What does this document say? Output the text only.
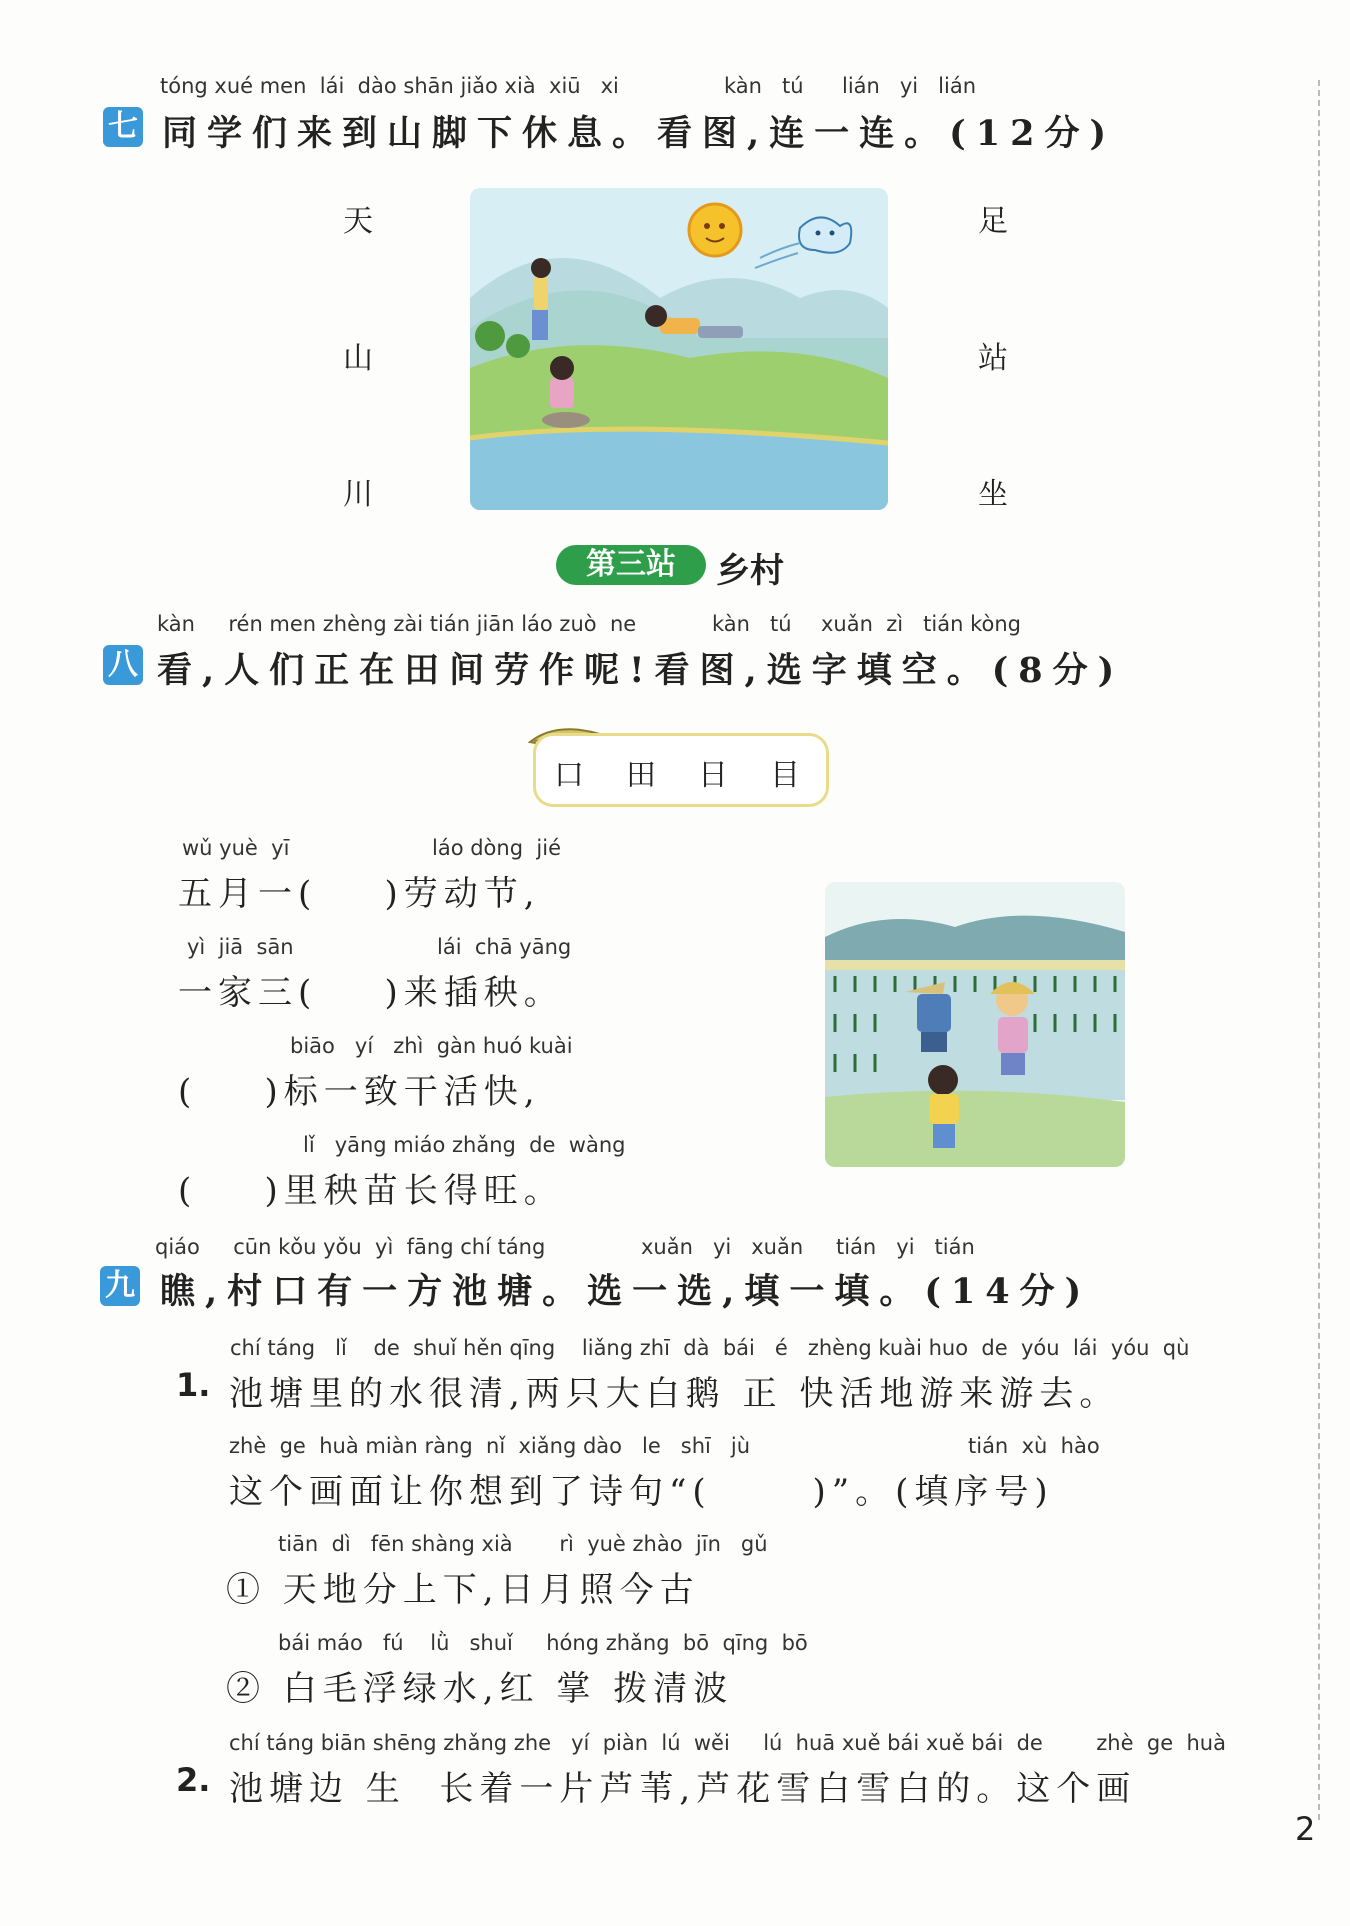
tóng xué men  lái  dào shān jiǎo xià  xiū   xi	kàn   tú lián   yi   lián
七 同学们来到山脚下休息。看图,连一连。(12分)
天
山
川
足
站
坐
第三站	乡村
kàn     rén men zhèng zài tián jiān láo zuò  ne	kàn   tú xuǎn  zì   tián kòng
八 看,人们正在田间劳作呢!看图,选字填空。(8分)
口 田 日 目
wǔ yuè  yī	láo dòng  jié
五月一(    )劳动节,
yì  jiā  sān	lái  chā yāng
一家三(    )来插秧。
biāo   yí   zhì  gàn huó kuài
(    )标一致干活快,
lǐ   yāng miáo zhǎng  de  wàng
(    )里秧苗长得旺。
qiáo     cūn kǒu yǒu  yì  fāng chí táng	xuǎn   yi   xuǎn tián   yi   tián
九 瞧,村口有一方池塘。选一选,填一填。(14分)
chí táng   lǐ    de  shuǐ hěn qīng    liǎng zhī  dà  bái   é   zhèng kuài huo  de  yóu  lái  yóu  qù
1. 池塘里的水很清,两只大白鹅 正 快活地游来游去。
zhè  ge  huà miàn ràng  nǐ  xiǎng dào   le   shī   jù	tián  xù  hào
这个画面让你想到了诗句“(      )”。(填序号)
tiān  dì   fēn shàng xià       rì  yuè zhào  jīn   gǔ
① 天地分上下,日月照今古
bái máo   fú    lǜ   shuǐ     hóng zhǎng  bō  qīng  bō
② 白毛浮绿水,红 掌 拨清波
chí táng biān shēng zhǎng zhe   yí  piàn  lú  wěi     lú  huā xuě bái xuě bái  de        zhè  ge  huà
2. 池塘边 生  长着一片芦苇,芦花雪白雪白的。这个画
2
